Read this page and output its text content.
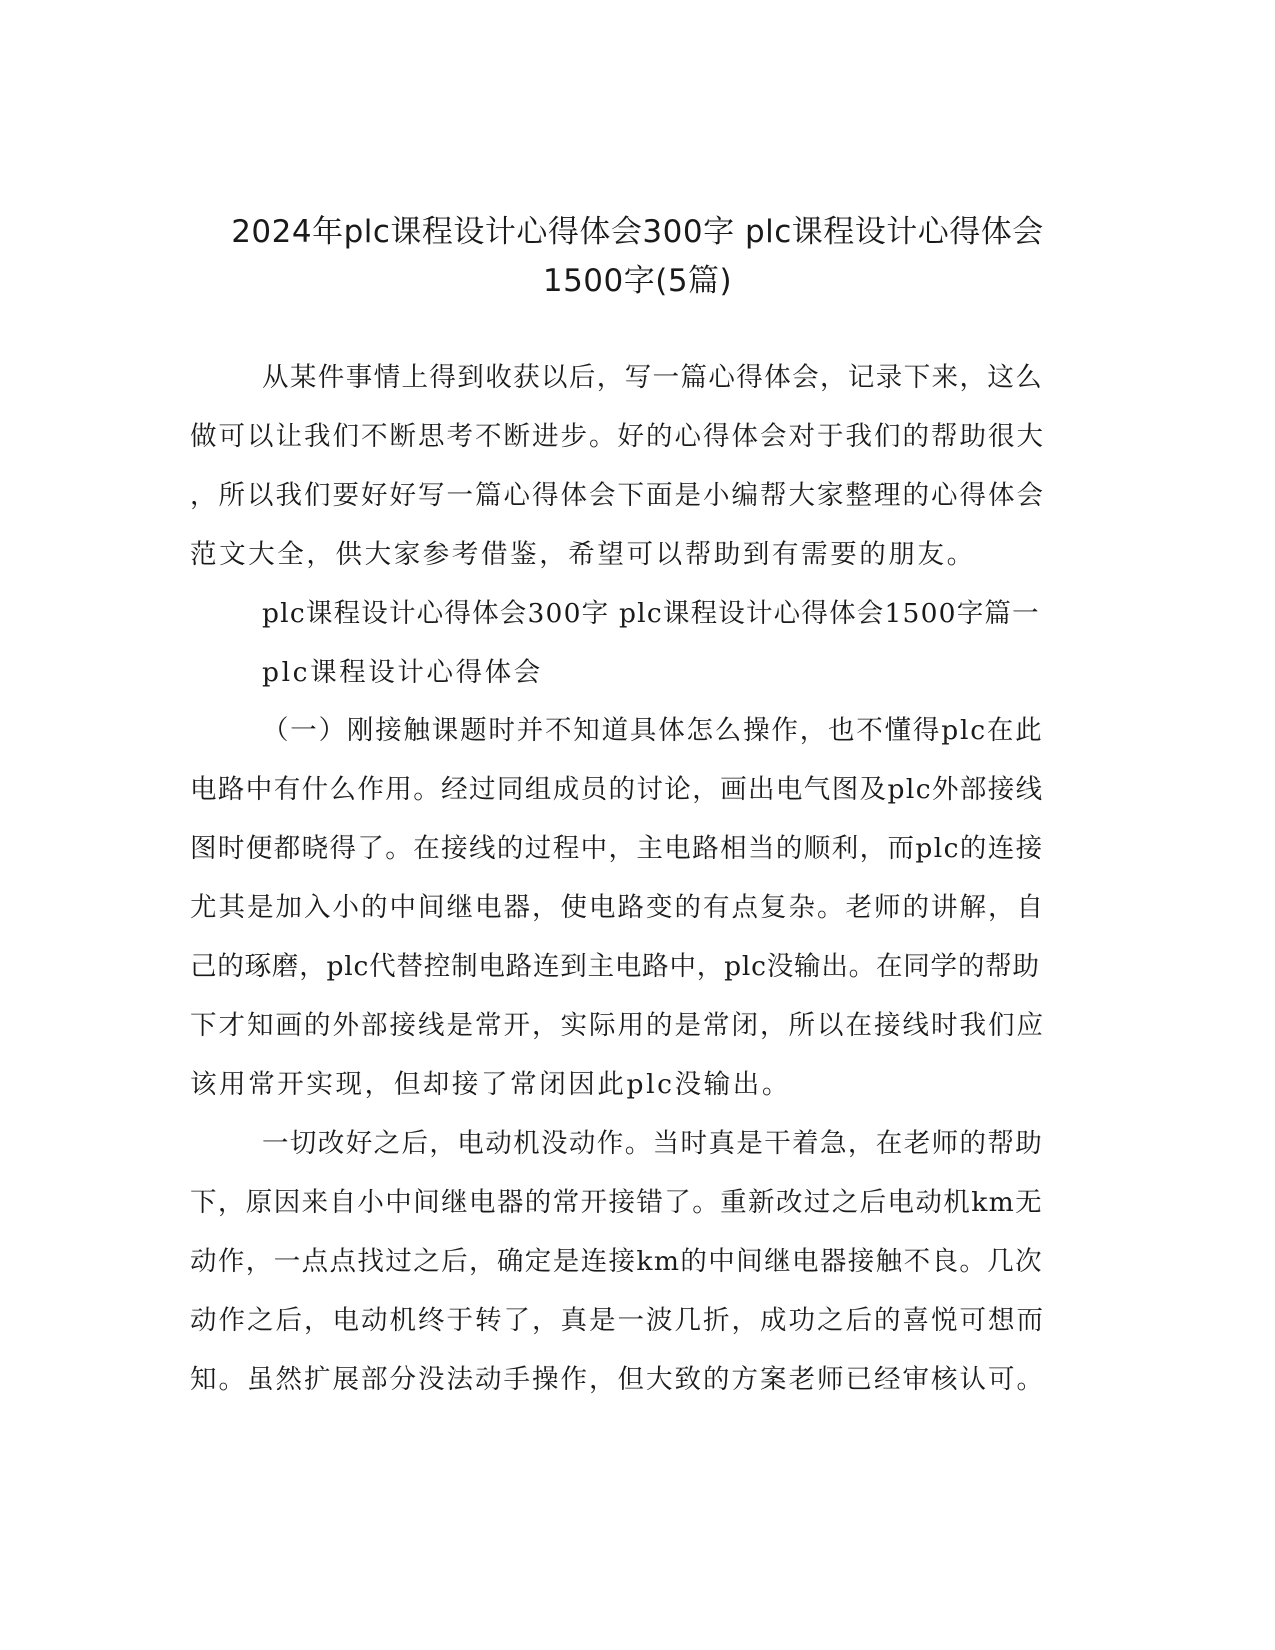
2024年plc课程设计心得体会300字 plc课程设计心得体会
1500字(5篇)
从某件事情上得到收获以后，写一篇心得体会，记录下来，这么
做可以让我们不断思考不断进步。好的心得体会对于我们的帮助很大
，所以我们要好好写一篇心得体会下面是小编帮大家整理的心得体会
范文大全，供大家参考借鉴，希望可以帮助到有需要的朋友。
plc课程设计心得体会300字 plc课程设计心得体会1500字篇一
plc课程设计心得体会
（一）刚接触课题时并不知道具体怎么操作，也不懂得plc在此
电路中有什么作用。经过同组成员的讨论，画出电气图及plc外部接线
图时便都晓得了。在接线的过程中，主电路相当的顺利，而plc的连接
尤其是加入小的中间继电器，使电路变的有点复杂。老师的讲解，自
己的琢磨，plc代替控制电路连到主电路中，plc没输出。在同学的帮助
下才知画的外部接线是常开，实际用的是常闭，所以在接线时我们应
该用常开实现，但却接了常闭因此plc没输出。
一切改好之后，电动机没动作。当时真是干着急，在老师的帮助
下，原因来自小中间继电器的常开接错了。重新改过之后电动机km无
动作，一点点找过之后，确定是连接km的中间继电器接触不良。几次
动作之后，电动机终于转了，真是一波几折，成功之后的喜悦可想而
知。虽然扩展部分没法动手操作，但大致的方案老师已经审核认可。
